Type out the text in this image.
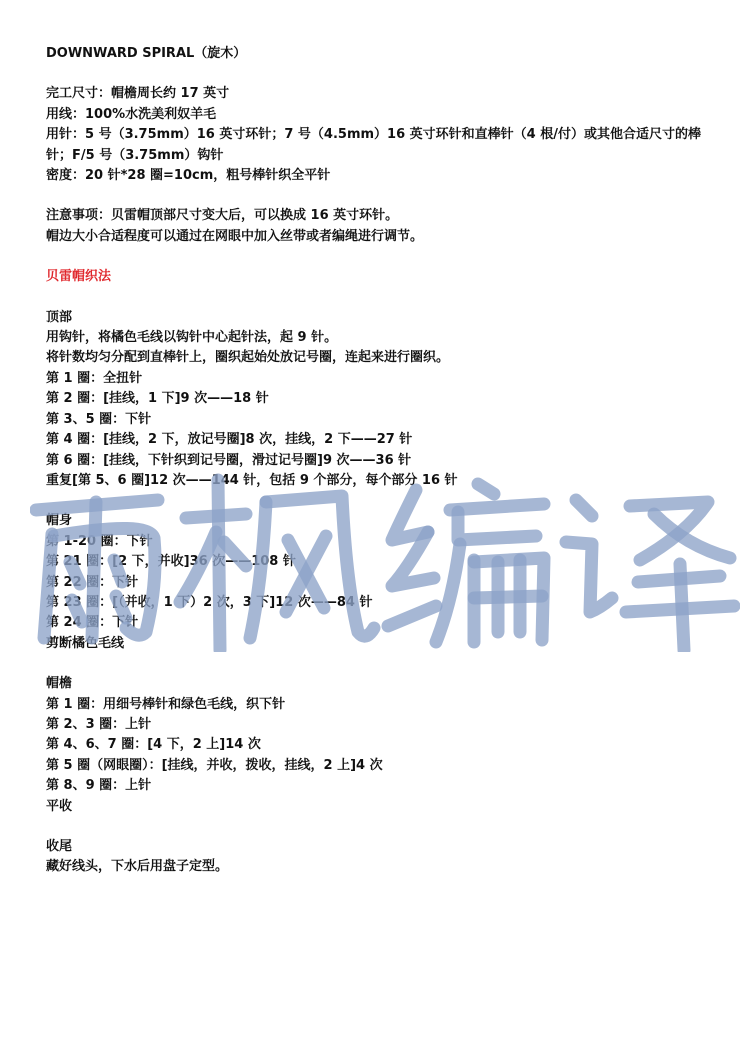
DOWNWARD SPIRAL（旋木）

完工尺寸：帽檐周长约 17 英寸

用线：100%水洗美利奴羊毛

用针：5 号（3.75mm）16 英寸环针；7 号（4.5mm）16 英寸环针和直棒针（4 根/付）或其他合适尺寸的棒针；F/5 号（3.75mm）钩针

密度：20 针*28 圈=10cm，粗号棒针织全平针

注意事项：贝雷帽顶部尺寸变大后，可以换成 16 英寸环针。

帽边大小合适程度可以通过在网眼中加入丝带或者编绳进行调节。

贝雷帽织法

顶部

用钩针，将橘色毛线以钩针中心起针法，起 9 针。

将针数均匀分配到直棒针上，圈织起始处放记号圈，连起来进行圈织。

第 1 圈：全扭针

第 2 圈：[挂线，1 下]9 次——18 针

第 3、5 圈：下针

第 4 圈：[挂线，2 下，放记号圈]8 次，挂线，2 下——27 针

第 6 圈：[挂线，下针织到记号圈，滑过记号圈]9 次——36 针

重复[第 5、6 圈]12 次——144 针，包括 9 个部分，每个部分 16 针

帽身

第 1-20 圈：下针

第 21 圈：[2 下，并收]36 次——108 针

第 22 圈：下针

第 23 圈：[（并收，1 下）2 次，3 下]12 次——84 针

第 24 圈：下针

剪断橘色毛线

帽檐

第 1 圈：用细号棒针和绿色毛线，织下针

第 2、3 圈：上针

第 4、6、7 圈：[4 下，2 上]14 次

第 5 圈（网眼圈）：[挂线，并收，拨收，挂线，2 上]4 次

第 8、9 圈：上针

平收

收尾

藏好线头，下水后用盘子定型。
